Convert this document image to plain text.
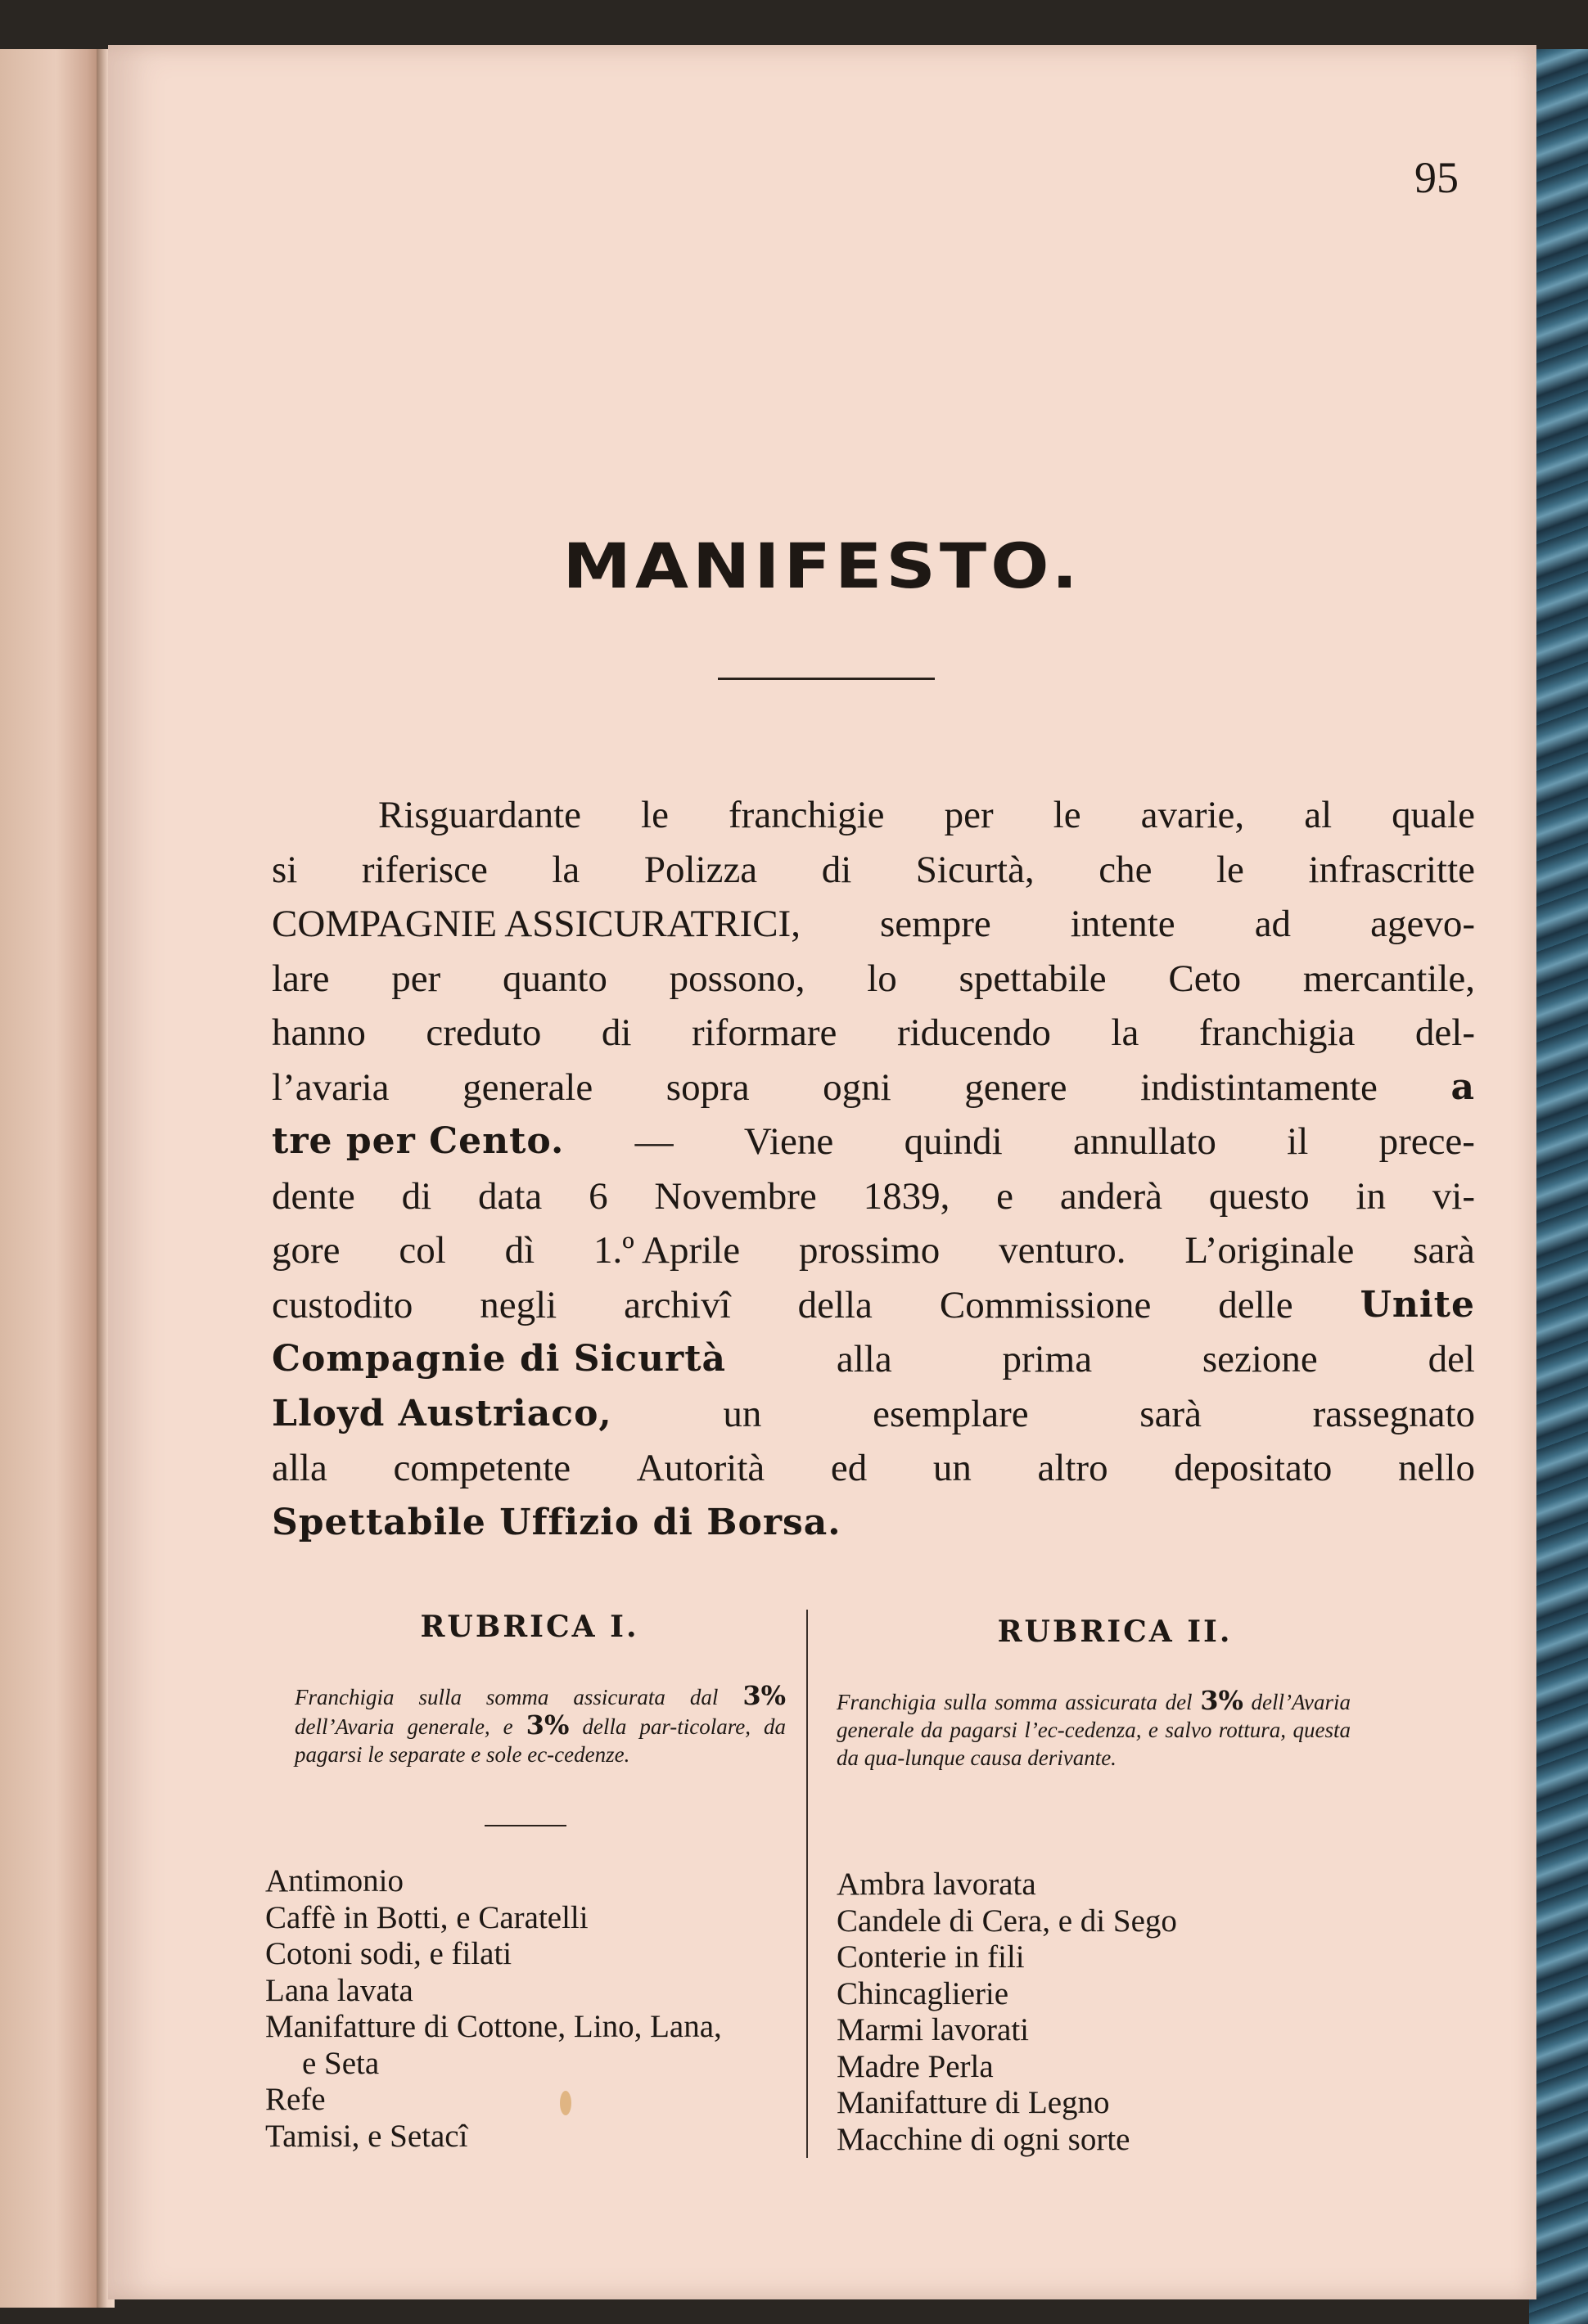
95
MANIFESTO.
Risguardante le franchigie per le avarie, al quale
si riferisce la Polizza di Sicurtà, che le infrascritte
COMPAGNIE ASSICURATRICI, sempre intente ad agevo-
lare per quanto possono, lo spettabile Ceto mercantile,
hanno creduto di riformare riducendo la franchigia del-
l’avaria generale sopra ogni genere indistintamente a
tre per Cento. — Viene quindi annullato il prece-
dente di data 6 Novembre 1839, e anderà questo in vi-
gore col dì 1.º Aprile prossimo venturo. L’originale sarà
custodito negli archivî della Commissione delle Unite
Compagnie di Sicurtà	alla	prima	sezione	del
Lloyd Austriaco,	un	esemplare	sarà	rassegnato
alla competente Autorità ed un altro depositato nello
Spettabile Uffizio di Borsa.
RUBRICA I.
Franchigia sulla somma assicurata dal 3% dell’Avaria generale, e 3% della par-ticolare, da pagarsi le separate e sole ec-cedenze.
Antimonio
Caffè in Botti, e Caratelli
Cotoni sodi, e filati
Lana lavata
Manifatture di Cottone, Lino, Lana,
e Seta
Refe
Tamisi, e Setacî
RUBRICA II.
Franchigia sulla somma assicurata del 3% dell’Avaria generale da pagarsi l’ec-cedenza, e salvo rottura, questa da qua-lunque causa derivante.
Ambra lavorata
Candele di Cera, e di Sego
Conterie in fili
Chincaglierie
Marmi lavorati
Madre Perla
Manifatture di Legno
Macchine di ogni sorte
